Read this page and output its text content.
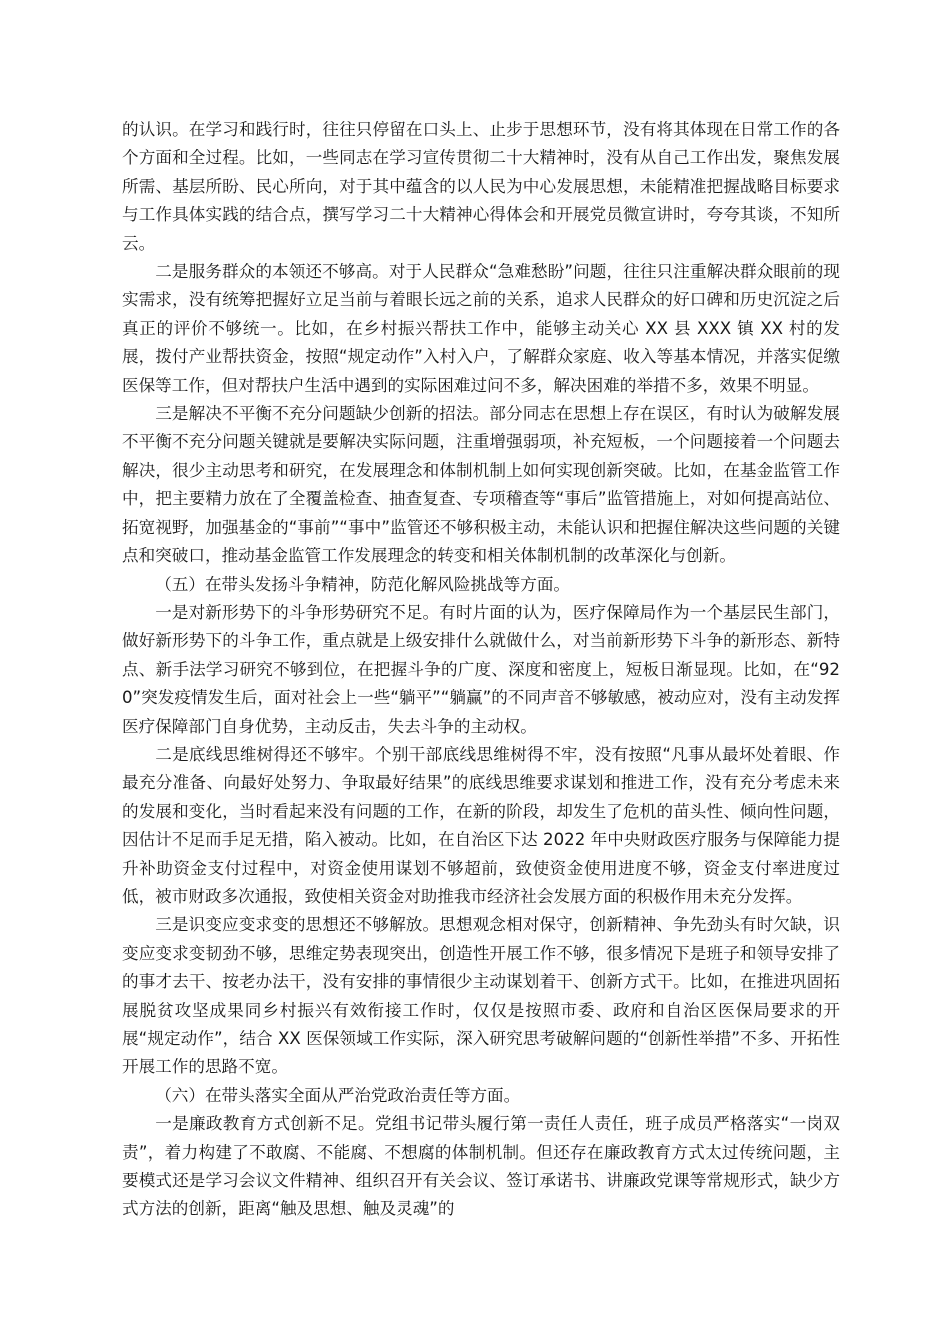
的认识。在学习和践行时，往往只停留在口头上、止步于思想环节，没有将其体现在日常工作的各个方面和全过程。比如，一些同志在学习宣传贯彻二十大精神时，没有从自己工作出发，聚焦发展所需、基层所盼、民心所向，对于其中蕴含的以人民为中心发展思想，未能精准把握战略目标要求与工作具体实践的结合点，撰写学习二十大精神心得体会和开展党员微宣讲时，夸夸其谈，不知所云。

二是服务群众的本领还不够高。对于人民群众“急难愁盼”问题，往往只注重解决群众眼前的现实需求，没有统筹把握好立足当前与着眼长远之前的关系，追求人民群众的好口碑和历史沉淀之后真正的评价不够统一。比如，在乡村振兴帮扶工作中，能够主动关心 XX 县 XXX 镇 XX 村的发展，拨付产业帮扶资金，按照“规定动作”入村入户，了解群众家庭、收入等基本情况，并落实促缴医保等工作，但对帮扶户生活中遇到的实际困难过问不多，解决困难的举措不多，效果不明显。

三是解决不平衡不充分问题缺少创新的招法。部分同志在思想上存在误区，有时认为破解发展不平衡不充分问题关键就是要解决实际问题，注重增强弱项，补充短板，一个问题接着一个问题去解决，很少主动思考和研究，在发展理念和体制机制上如何实现创新突破。比如，在基金监管工作中，把主要精力放在了全覆盖检查、抽查复查、专项稽查等“事后”监管措施上，对如何提高站位、拓宽视野，加强基金的“事前”“事中”监管还不够积极主动，未能认识和把握住解决这些问题的关键点和突破口，推动基金监管工作发展理念的转变和相关体制机制的改革深化与创新。

（五）在带头发扬斗争精神，防范化解风险挑战等方面。

一是对新形势下的斗争形势研究不足。有时片面的认为，医疗保障局作为一个基层民生部门，做好新形势下的斗争工作，重点就是上级安排什么就做什么，对当前新形势下斗争的新形态、新特点、新手法学习研究不够到位，在把握斗争的广度、深度和密度上，短板日渐显现。比如，在“920”突发疫情发生后，面对社会上一些“躺平”“躺赢”的不同声音不够敏感，被动应对，没有主动发挥医疗保障部门自身优势，主动反击，失去斗争的主动权。

二是底线思维树得还不够牢。个别干部底线思维树得不牢，没有按照“凡事从最坏处着眼、作最充分准备、向最好处努力、争取最好结果”的底线思维要求谋划和推进工作，没有充分考虑未来的发展和变化，当时看起来没有问题的工作，在新的阶段，却发生了危机的苗头性、倾向性问题，因估计不足而手足无措，陷入被动。比如，在自治区下达 2022 年中央财政医疗服务与保障能力提升补助资金支付过程中，对资金使用谋划不够超前，致使资金使用进度不够，资金支付率进度过低，被市财政多次通报，致使相关资金对助推我市经济社会发展方面的积极作用未充分发挥。

三是识变应变求变的思想还不够解放。思想观念相对保守，创新精神、争先劲头有时欠缺，识变应变求变韧劲不够，思维定势表现突出，创造性开展工作不够，很多情况下是班子和领导安排了的事才去干、按老办法干，没有安排的事情很少主动谋划着干、创新方式干。比如，在推进巩固拓展脱贫攻坚成果同乡村振兴有效衔接工作时，仅仅是按照市委、政府和自治区医保局要求的开展“规定动作”，结合 XX 医保领域工作实际，深入研究思考破解问题的“创新性举措”不多、开拓性开展工作的思路不宽。

（六）在带头落实全面从严治党政治责任等方面。

一是廉政教育方式创新不足。党组书记带头履行第一责任人责任，班子成员严格落实“一岗双责”，着力构建了不敢腐、不能腐、不想腐的体制机制。但还存在廉政教育方式太过传统问题，主要模式还是学习会议文件精神、组织召开有关会议、签订承诺书、讲廉政党课等常规形式，缺少方式方法的创新，距离“触及思想、触及灵魂”的
